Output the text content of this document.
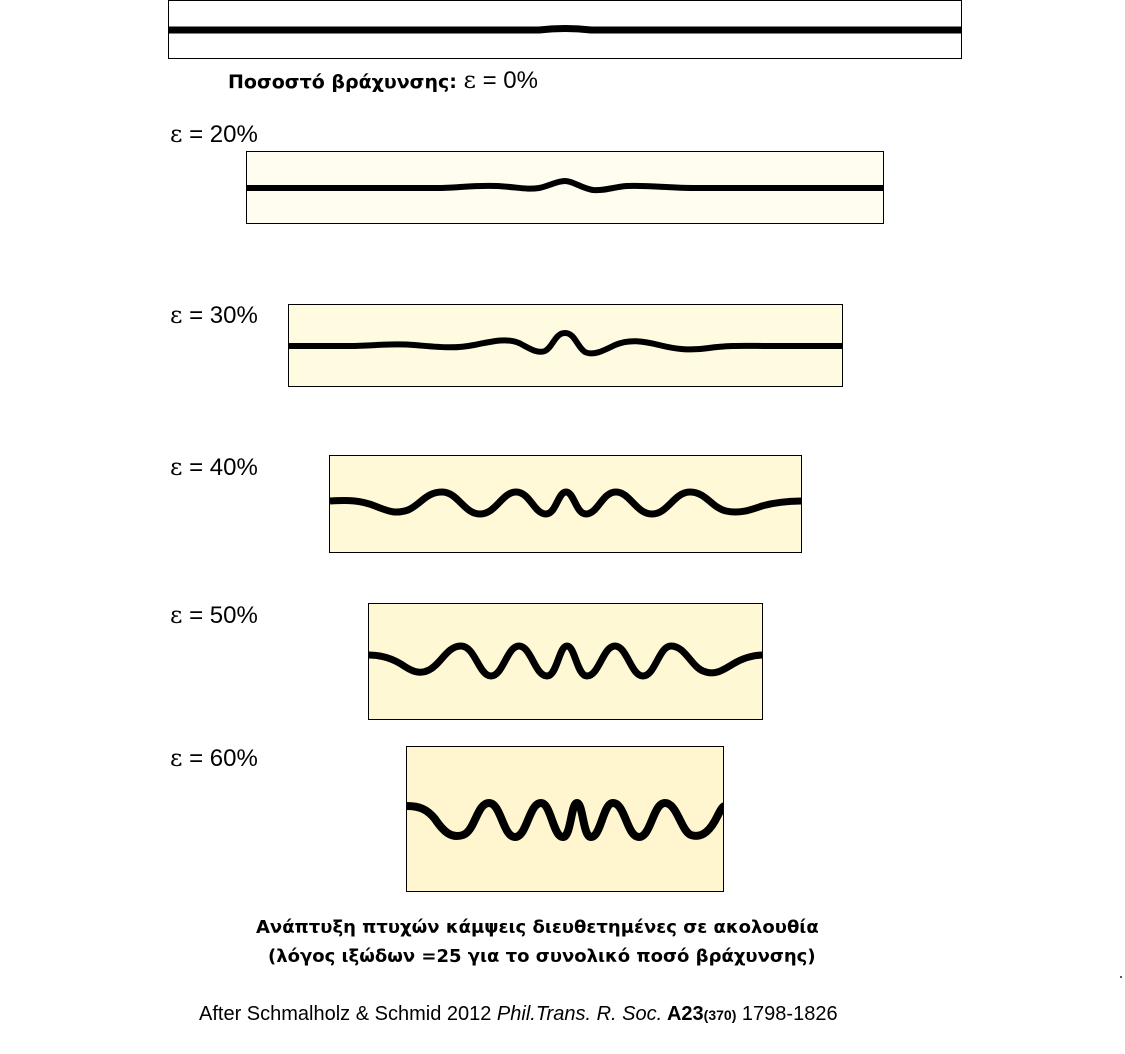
Ποσοστό βράχυνσης: ε = 0%
ε = 20%
ε = 30%
ε = 40%
ε = 50%
ε = 60%
Ανάπτυξη πτυχών κάμψεις διευθετημένες σε ακολουθία
(λόγος ιξώδων =25 για το συνολικό ποσό βράχυνσης)
After Schmalholz & Schmid 2012 Phil.Trans. R. Soc. A23(370) 1798-1826
